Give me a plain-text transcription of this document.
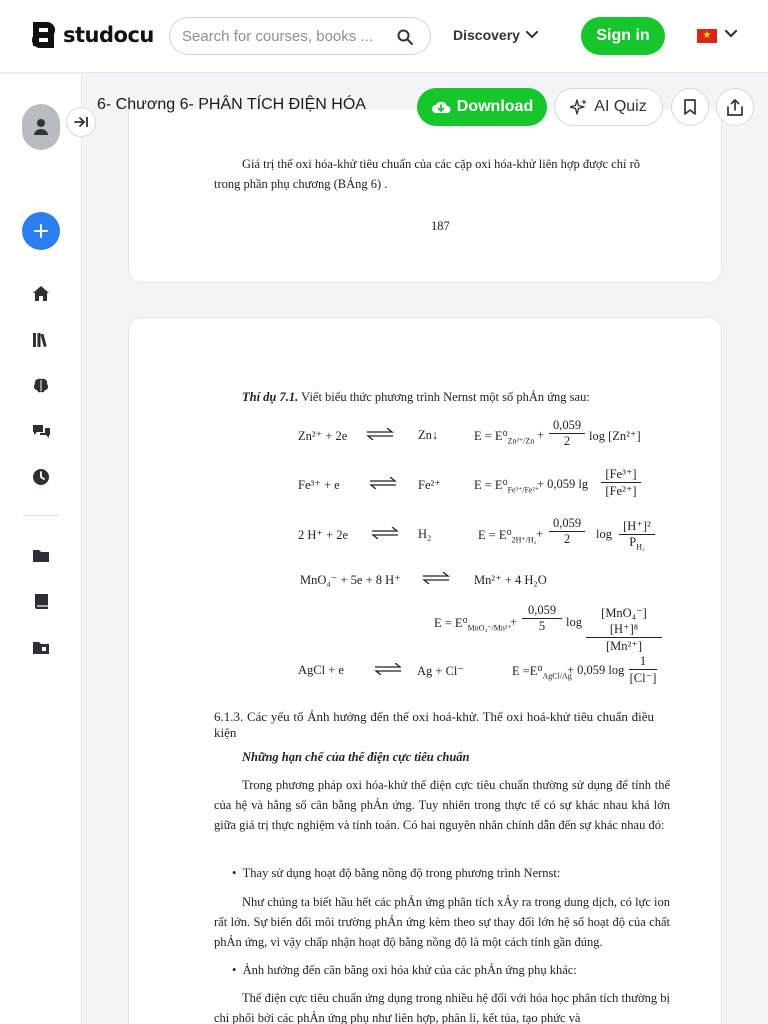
studocu Search for courses, books ...	Discovery	Sign in	★
Giá trị thế oxi hóa-khử tiêu chuẩn của các cặp oxi hóa-khử liên hợp được chỉ rõ
trong phần phụ chương (BẢng 6) .
187
Thí dụ 7.1. Viết biểu thức phương trình Nernst một số phẢn ứng sau:
Zn²⁺ + 2e ⇌ Zn↓	$E = E^0_{Zn^{2+}/Zn} + \frac{0,059}{2}$ log [Zn²⁺]
Fe³⁺ + e ⇌ Fe²⁺	$E = E^0_{Fe^{3+}/Fe^{2+}}$
+ 0,059 $\lg \frac{\text{[Fe³⁺]}}{\text{[Fe²⁺]}}$
2 H⁺ + 2e ⇌ H₂	$E = E^0_{2H^+/H_2} + \frac{0,059}{2}$ $\log \frac{\text{[H⁺]²}}{P_{H_2}}$
MnO₄⁻ + 5e + 8 H⁺ ⇌ Mn²⁺ + 4 H₂O
$E = E^0_{MnO_4^-/Mn^{2+}}$
+ $\frac{0,059}{5}$ log
[MnO₄⁻][H⁺]⁸
[Mn²⁺]
AgCl + e ⇌ Ag + Cl⁻	$E =E^0_{AgCl/Ag}$
+ 0,059 $\log \frac{1}{[Cl^-]}$
6.1.3. Các yếu tố Ảnh hưởng đến thế oxi hoá-khử. Thế oxi hoá-khử tiêu chuẩn điều kiện
Những hạn chế của thế điện cực tiêu chuẩn
Trong phương pháp oxi hóa-khử thế điện cực tiêu chuẩn thường sử dụng để tính thế của hệ và hằng số cân bằng phẢn ứng. Tuy nhiên trong thực tế có sự khác nhau khá lớn giữa giá trị thực nghiệm và tính toán. Có hai nguyên nhân chính dẫn đến sự khác nhau đó:
•  Thay sử dụng hoạt độ bằng nồng độ trong phương trình Nernst:
Như chúng ta biết hầu hết các phẢn ứng phân tích xẢy ra trong dung dịch, có lực ion rất lớn. Sự biến đổi môi trường phẢn ứng kèm theo sự thay đổi lớn hệ số hoạt độ của chất phẢn ứng, vì vậy chấp nhận hoạt độ bằng nồng độ là một cách tính gần đúng.
•  Ảnh hưởng đến cân bằng oxi hóa khử của các phẢn ứng phụ khác:
Thế điện cực tiêu chuẩn ứng dụng trong nhiều hệ đối với hóa học phân tích thường bị chi phối bởi các phẢn ứng phụ như liên hợp, phân li, kết tủa, tạo phức và
6- Chương 6- PHÂN TÍCH ĐIỆN HÓA	Download	AI Quiz
